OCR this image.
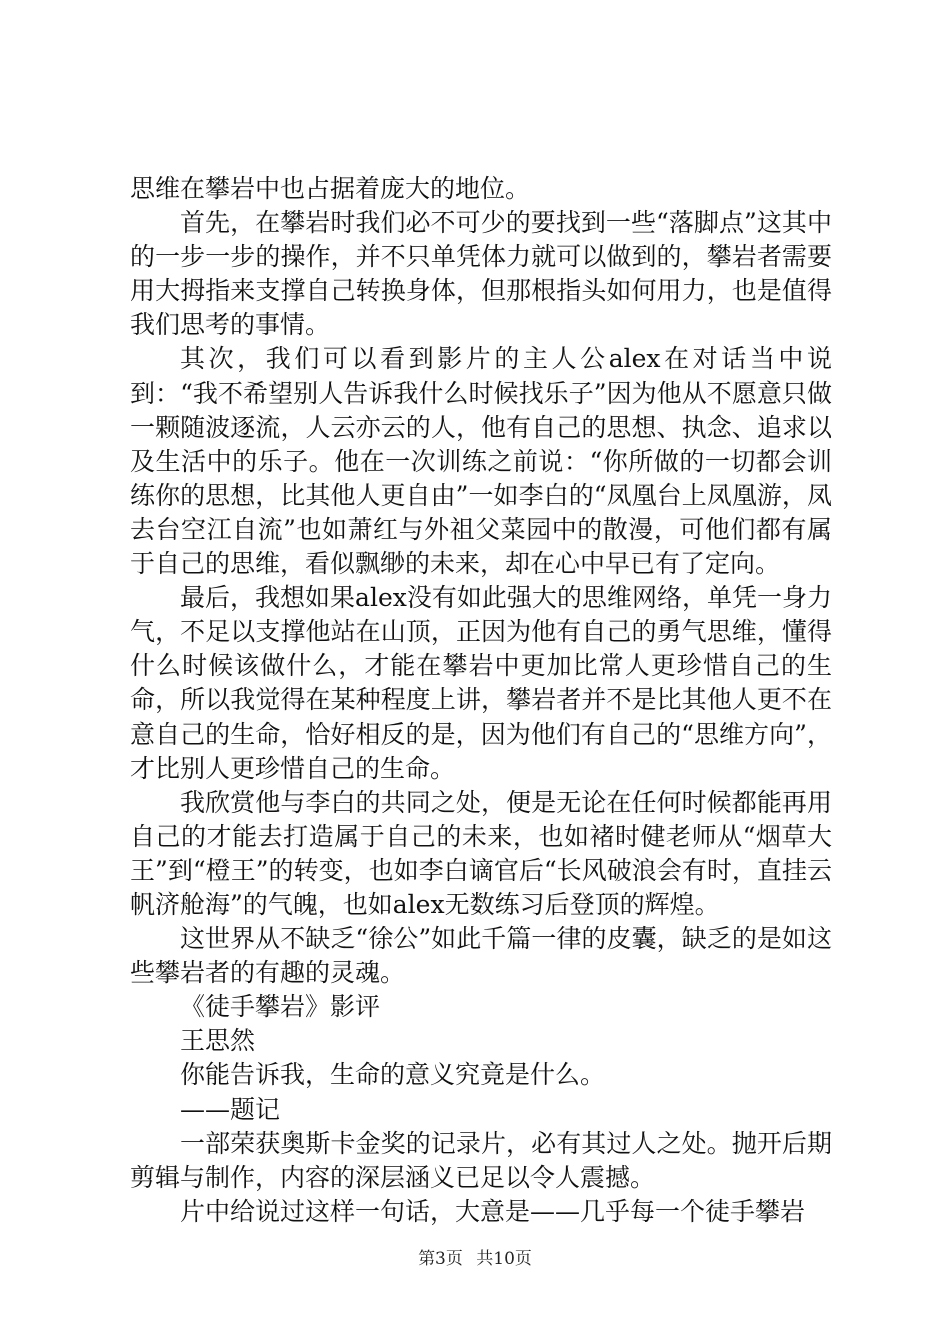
思维在攀岩中也占据着庞大的地位。

首先，在攀岩时我们必不可少的要找到一些“落脚点”这其中的一步一步的操作，并不只单凭体力就可以做到的，攀岩者需要用大拇指来支撑自己转换身体，但那根指头如何用力，也是值得我们思考的事情。

其次，我们可以看到影片的主人公alex在对话当中说到：“我不希望别人告诉我什么时候找乐子”因为他从不愿意只做一颗随波逐流，人云亦云的人，他有自己的思想、执念、追求以及生活中的乐子。他在一次训练之前说：“你所做的一切都会训练你的思想，比其他人更自由”一如李白的“凤凰台上凤凰游，凤去台空江自流”也如萧红与外祖父菜园中的散漫，可他们都有属于自己的思维，看似飘缈的未来，却在心中早已有了定向。

最后，我想如果alex没有如此强大的思维网络，单凭一身力气，不足以支撑他站在山顶，正因为他有自己的勇气思维，懂得什么时候该做什么，才能在攀岩中更加比常人更珍惜自己的生命，所以我觉得在某种程度上讲，攀岩者并不是比其他人更不在意自己的生命，恰好相反的是，因为他们有自己的“思维方向”，才比别人更珍惜自己的生命。

我欣赏他与李白的共同之处，便是无论在任何时候都能再用自己的才能去打造属于自己的未来，也如褚时健老师从“烟草大王”到“橙王”的转变，也如李白谪官后“长风破浪会有时，直挂云帆济舱海”的气魄，也如alex无数练习后登顶的辉煌。

这世界从不缺乏“徐公”如此千篇一律的皮囊，缺乏的是如这些攀岩者的有趣的灵魂。

《徒手攀岩》影评

王思然

你能告诉我，生命的意义究竟是什么。

——题记

一部荣获奥斯卡金奖的记录片，必有其过人之处。抛开后期剪辑与制作，内容的深层涵义已足以令人震撼。

片中给说过这样一句话，大意是——几乎每一个徒手攀岩

第3页 共10页
